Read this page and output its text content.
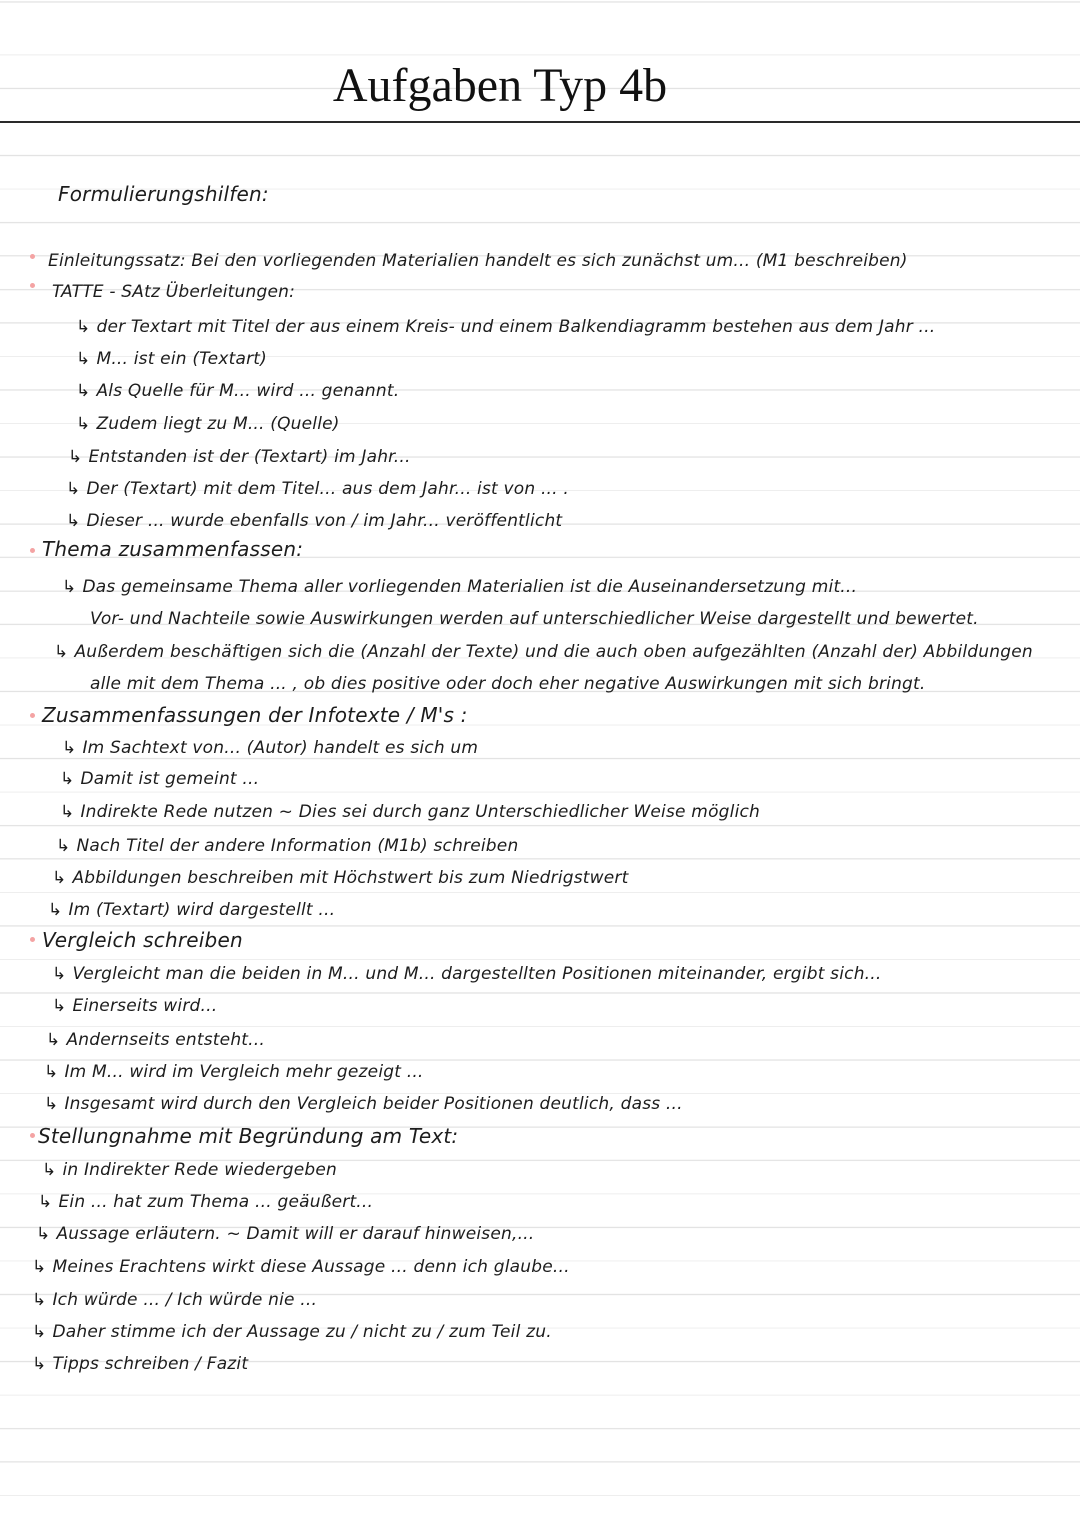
Aufgaben Typ 4b
Formulierungshilfen:
Einleitungssatz: Bei den vorliegenden Materialien handelt es sich zunächst um... (M1 beschreiben)
TATTE - SAtz Überleitungen:
↳ der Textart mit Titel der aus einem Kreis- und einem Balkendiagramm bestehen aus dem Jahr ...
↳ M... ist ein (Textart)
↳ Als Quelle für M... wird ... genannt.
↳ Zudem liegt zu M... (Quelle)
↳ Entstanden ist der (Textart) im Jahr...
↳ Der (Textart) mit dem Titel... aus dem Jahr... ist von ... .
↳ Dieser ... wurde ebenfalls von / im Jahr... veröffentlicht
Thema zusammenfassen:
↳ Das gemeinsame Thema aller vorliegenden Materialien ist die Auseinandersetzung mit...
Vor- und Nachteile sowie Auswirkungen werden auf unterschiedlicher Weise dargestellt und bewertet.
↳ Außerdem beschäftigen sich die (Anzahl der Texte) und die auch oben aufgezählten (Anzahl der) Abbildungen
alle mit dem Thema ... , ob dies positive oder doch eher negative Auswirkungen mit sich bringt.
Zusammenfassungen der Infotexte / M's :
↳ Im Sachtext von... (Autor) handelt es sich um
↳ Damit ist gemeint ...
↳ Indirekte Rede nutzen ~ Dies sei durch ganz Unterschiedlicher Weise möglich
↳ Nach Titel der andere Information (M1b) schreiben
↳ Abbildungen beschreiben mit Höchstwert bis zum Niedrigstwert
↳ Im (Textart) wird dargestellt ...
Vergleich schreiben
↳ Vergleicht man die beiden in M... und M... dargestellten Positionen miteinander, ergibt sich...
↳ Einerseits wird...
↳ Andernseits entsteht...
↳ Im M... wird im Vergleich mehr gezeigt ...
↳ Insgesamt wird durch den Vergleich beider Positionen deutlich, dass ...
Stellungnahme mit Begründung am Text:
↳ in Indirekter Rede wiedergeben
↳ Ein ... hat zum Thema ... geäußert...
↳ Aussage erläutern. ~ Damit will er darauf hinweisen,...
↳ Meines Erachtens wirkt diese Aussage ... denn ich glaube...
↳ Ich würde ... / Ich würde nie ...
↳ Daher stimme ich der Aussage zu / nicht zu / zum Teil zu.
↳ Tipps schreiben / Fazit
